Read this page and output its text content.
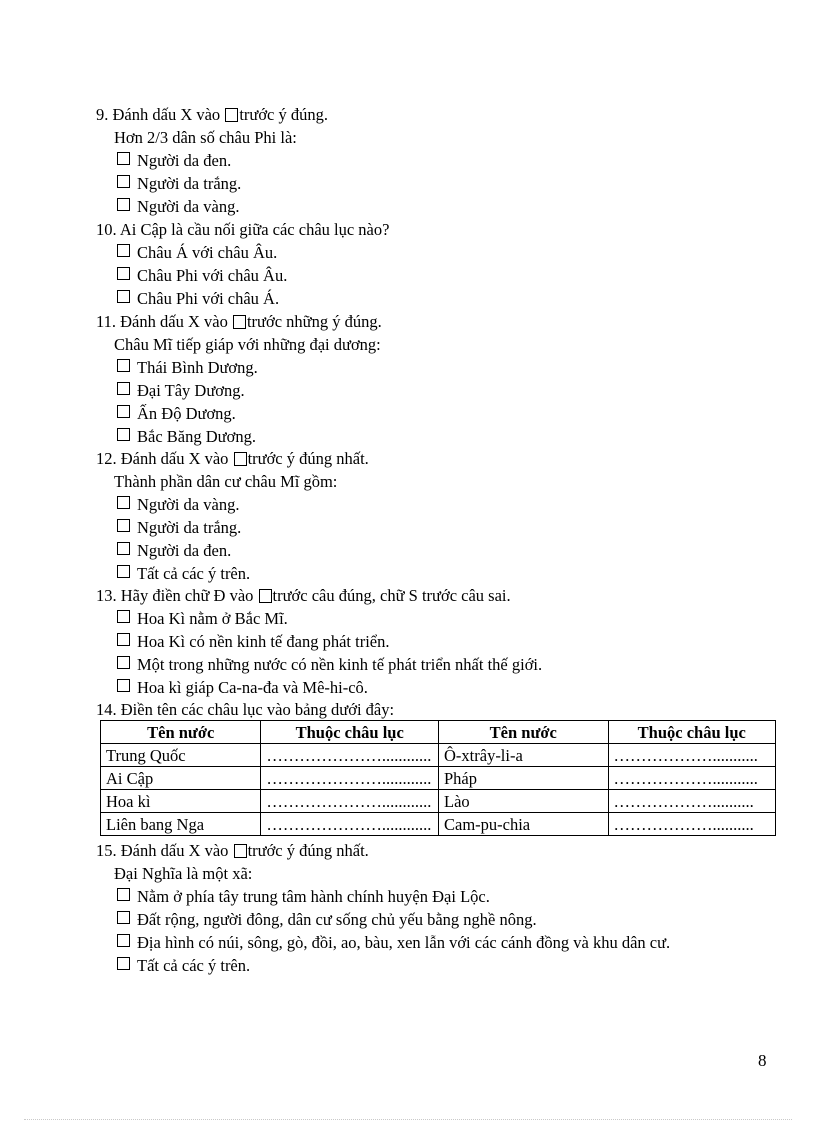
9. Đánh dấu X vào trước ý đúng.
Hơn 2/3 dân số châu Phi là:
Người da đen.
Người da trắng.
Người da vàng.
10. Ai Cập là cầu nối giữa các châu lục nào?
Châu Á với châu Âu.
Châu Phi với châu Âu.
Châu Phi với châu Á.
11. Đánh dấu X vào trước những ý đúng.
Châu Mĩ tiếp giáp với những đại dương:
Thái Bình Dương.
Đại Tây Dương.
Ấn Độ Dương.
Bắc Băng Dương.
12. Đánh dấu X vào trước ý đúng nhất.
Thành phần dân cư châu Mĩ gồm:
Người da vàng.
Người da trắng.
Người da đen.
Tất cả các ý trên.
13. Hãy điền chữ Đ vào trước câu đúng, chữ S trước câu sai.
Hoa Kì nằm ở Bắc Mĩ.
Hoa Kì có nền kinh tế đang phát triển.
Một trong những nước có nền kinh tế phát triển nhất thế giới.
Hoa kì giáp Ca-na-đa và Mê-hi-cô.
14. Điền tên các châu lục vào bảng dưới đây:
Tên nước	Thuộc châu lục	Tên nước	Thuộc châu lục
Trung Quốc	…………………............	Ô-xtrây-li-a	………………...........
Ai Cập	…………………............	Pháp	………………...........
Hoa kì	…………………............	Lào	………………..........
Liên bang Nga	…………………............	Cam-pu-chia	………………..........
15. Đánh dấu X vào trước ý đúng nhất.
Đại Nghĩa là một xã:
Nằm ở phía tây trung tâm hành chính huyện Đại Lộc.
Đất rộng, người đông, dân cư sống chủ yếu bằng nghề nông.
Địa hình có núi, sông, gò, đồi, ao, bàu, xen lẫn với các cánh đồng và khu dân cư.
Tất cả các ý trên.
8
